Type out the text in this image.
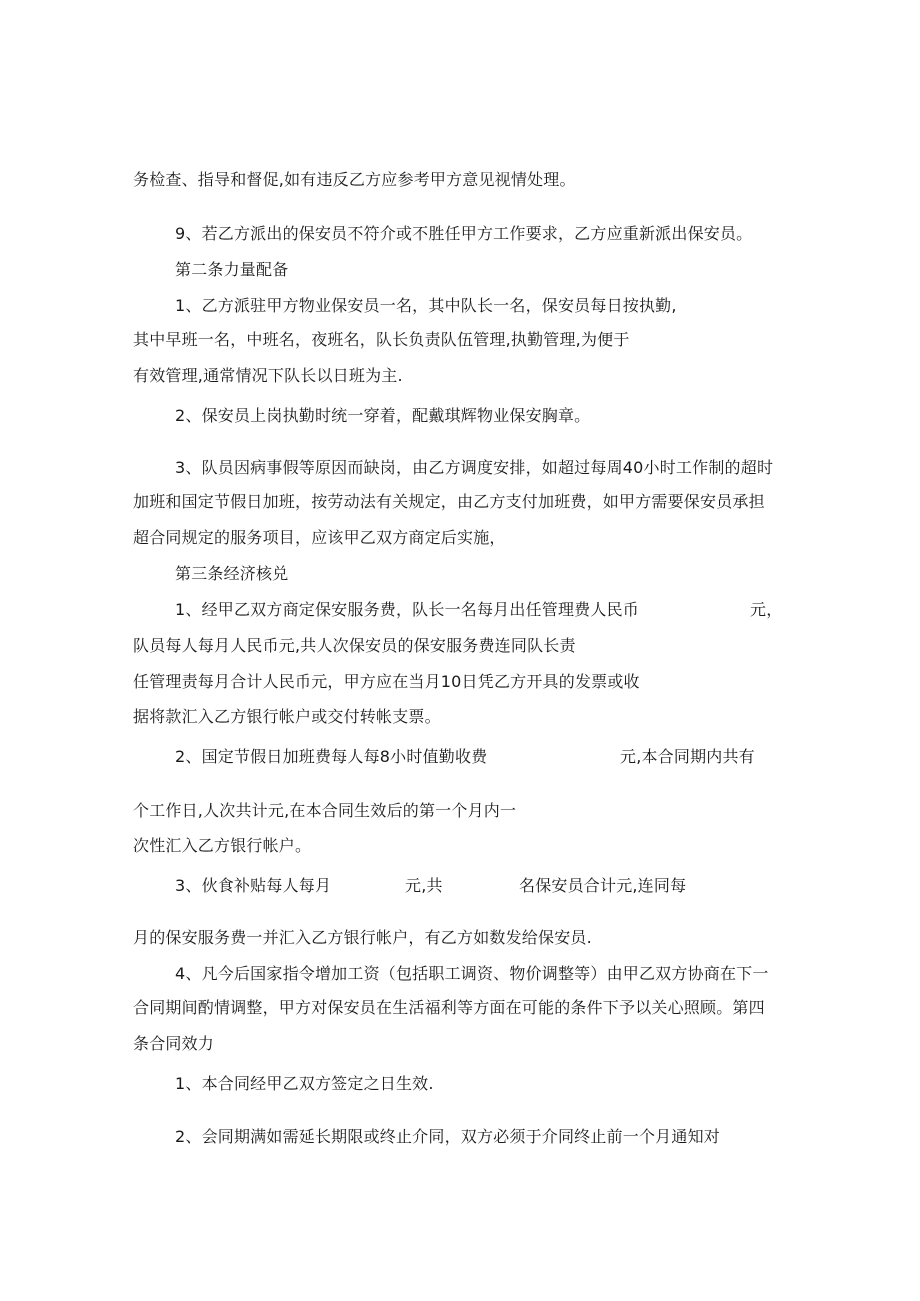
务检查、指导和督促,如有违反乙方应参考甲方意见视情处理。
9、若乙方派出的保安员不符介或不胜任甲方工作要求，乙方应重新派出保安员。
第二条力量配备
1、乙方派驻甲方物业保安员一名，其中队长一名，保安员每日按执勤,
其中早班一名，中班名，夜班名，队长负责队伍管理,执勤管理,为便于
有效管理,通常情况下队长以日班为主.
2、保安员上岗执勤时统一穿着，配戴琪辉物业保安胸章。
3、队员因病事假等原因而缺岗，由乙方调度安排，如超过每周40小时工作制的超时
加班和国定节假日加班，按劳动法有关规定，由乙方支付加班费，如甲方需要保安员承担
超合同规定的服务项目，应该甲乙双方商定后实施，
第三条经济核兑
1、经甲乙双方商定保安服务费，队长一名每月出任管理费人民币	元，
队员每人每月人民币元,共人次保安员的保安服务费连同队长责
任管理责每月合计人民币元，甲方应在当月10日凭乙方开具的发票或收
据将款汇入乙方银行帐户或交付转帐支票。
2、国定节假日加班费每人每8小时值勤收费	元,本合同期内共有
个工作日,人次共计元,在本合同生效后的第一个月内一
次性汇入乙方银行帐户。
3、伙食补贴每人每月	元,共	名保安员合计元,连同每
月的保安服务费一并汇入乙方银行帐户，有乙方如数发给保安员.
4、凡今后国家指令增加工资（包括职工调资、物价调整等）由甲乙双方协商在下一
合同期间酌情调整，甲方对保安员在生活福利等方面在可能的条件下予以关心照顾。第四
条合同效力
1、本合同经甲乙双方签定之日生效.
2、会同期满如需延长期限或终止介同，双方必须于介同终止前一个月通知对
